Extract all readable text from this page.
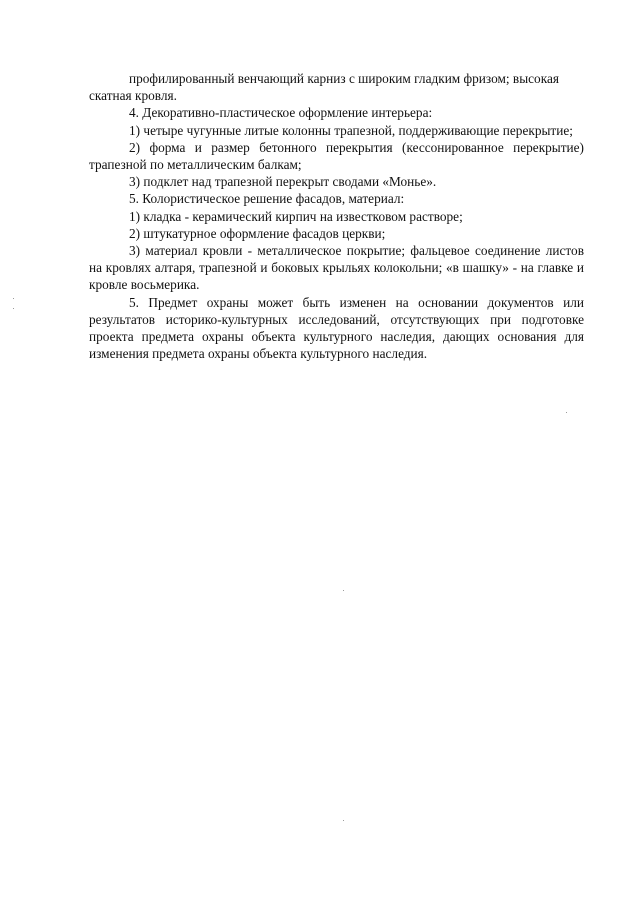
профилированный венчающий карниз с широким гладким фризом; высокая скатная кровля.

4. Декоративно-пластическое оформление интерьера:

1) четыре чугунные литые колонны трапезной, поддерживающие перекрытие;

2) форма и размер бетонного перекрытия (кессонированное перекрытие) трапезной по металлическим балкам;

3) подклет над трапезной перекрыт сводами «Монье».

5. Колористическое решение фасадов, материал:

1) кладка - керамический кирпич на известковом растворе;

2) штукатурное оформление фасадов церкви;

3) материал кровли - металлическое покрытие; фальцевое соединение листов на кровлях алтаря, трапезной и боковых крыльях колокольни; «в шашку» - на главке и кровле восьмерика.

5. Предмет охраны может быть изменен на основании документов или результатов историко-культурных исследований, отсутствующих при подготовке проекта предмета охраны объекта культурного наследия, дающих основания для изменения предмета охраны объекта культурного наследия.
